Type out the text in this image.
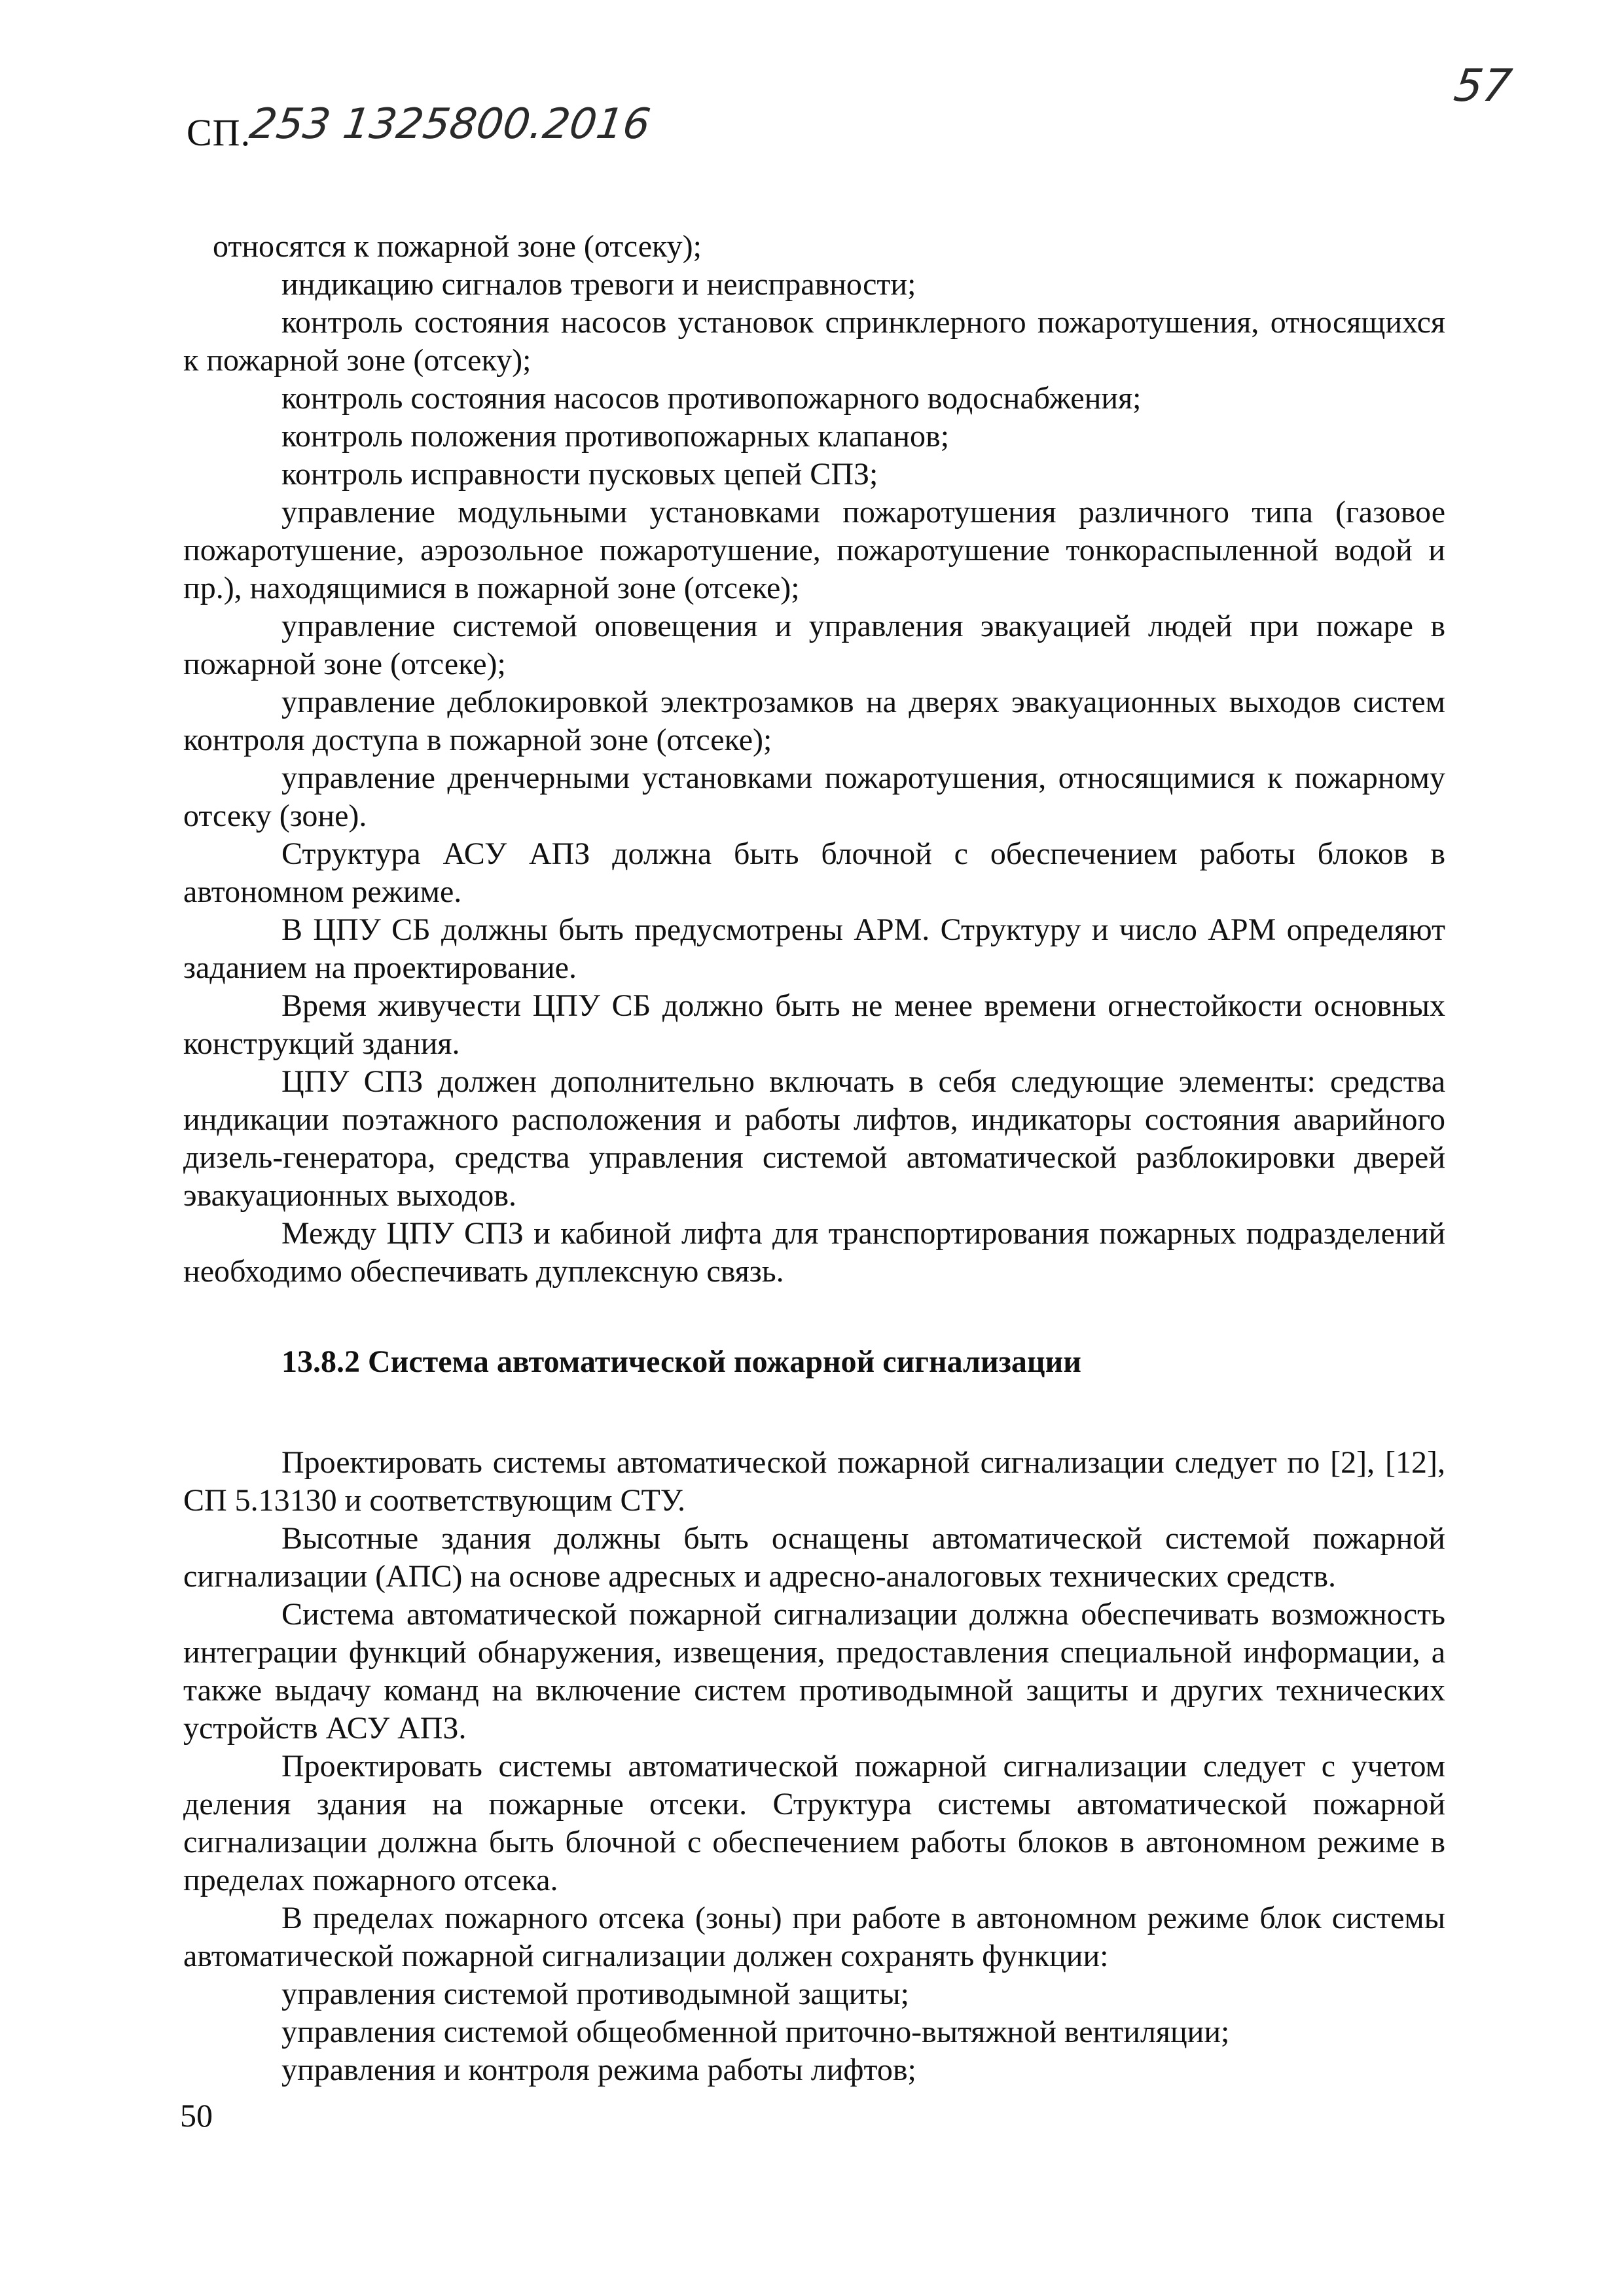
СП.
253 1325800.2016
57

относятся к пожарной зоне (отсеку);

индикацию сигналов тревоги и неисправности;

контроль состояния насосов установок спринклерного пожаротушения, относящихся к пожарной зоне (отсеку);

контроль состояния насосов противопожарного водоснабжения;

контроль положения противопожарных клапанов;

контроль исправности пусковых цепей СПЗ;

управление модульными установками пожаротушения различного типа (газовое пожаротушение, аэрозольное пожаротушение, пожаротушение тонкораспыленной водой и пр.), находящимися в пожарной зоне (отсеке);

управление системой оповещения и управления эвакуацией людей при пожаре в пожарной зоне (отсеке);

управление деблокировкой электрозамков на дверях эвакуационных выходов систем контроля доступа в пожарной зоне (отсеке);

управление дренчерными установками пожаротушения, относящимися к пожарному отсеку (зоне).

Структура АСУ АПЗ должна быть блочной с обеспечением работы блоков в автономном режиме.

В ЦПУ СБ должны быть предусмотрены АРМ. Структуру и число АРМ определяют заданием на проектирование.

Время живучести ЦПУ СБ должно быть не менее времени огнестойкости основных конструкций здания.

ЦПУ СПЗ должен дополнительно включать в себя следующие элементы: средства индикации поэтажного расположения и работы лифтов, индикаторы состояния аварийного дизель-генератора, средства управления системой автоматической разблокировки дверей эвакуационных выходов.

Между ЦПУ СПЗ и кабиной лифта для транспортирования пожарных подразделений необходимо обеспечивать дуплексную связь.

13.8.2 Система автоматической пожарной сигнализации

Проектировать системы автоматической пожарной сигнализации следует по [2], [12], СП 5.13130 и соответствующим СТУ.

Высотные здания должны быть оснащены автоматической системой пожарной сигнализации (АПС) на основе адресных и адресно-аналоговых технических средств.

Система автоматической пожарной сигнализации должна обеспечивать возможность интеграции функций обнаружения, извещения, предоставления специальной информации, а также выдачу команд на включение систем противодымной защиты и других технических устройств АСУ АПЗ.

Проектировать системы автоматической пожарной сигнализации следует с учетом деления здания на пожарные отсеки. Структура системы автоматической пожарной сигнализации должна быть блочной с обеспечением работы блоков в автономном режиме в пределах пожарного отсека.

В пределах пожарного отсека (зоны) при работе в автономном режиме блок системы автоматической пожарной сигнализации должен сохранять функции:

управления системой противодымной защиты;

управления системой общеобменной приточно-вытяжной вентиляции;

управления и контроля режима работы лифтов;

50
